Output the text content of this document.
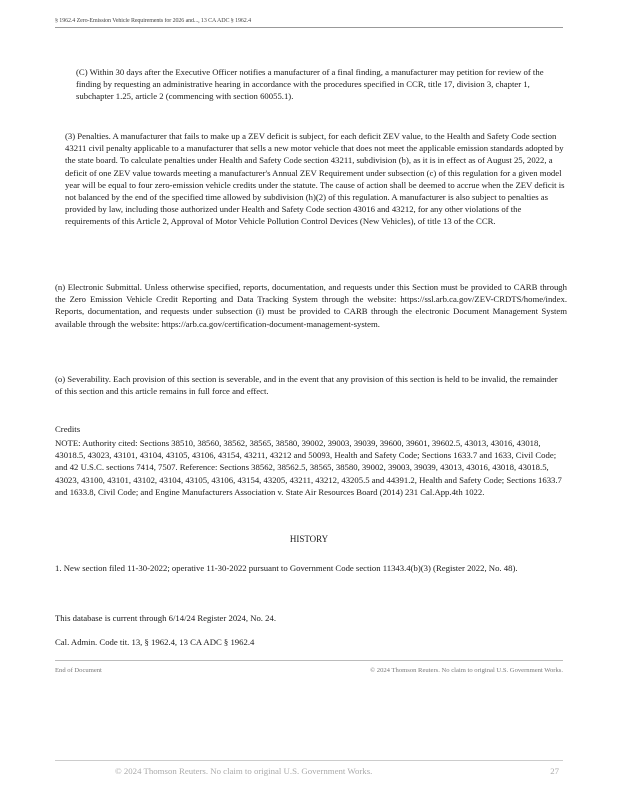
§ 1962.4 Zero-Emission Vehicle Requirements for 2026 and..., 13 CA ADC § 1962.4
(C) Within 30 days after the Executive Officer notifies a manufacturer of a final finding, a manufacturer may petition for review of the finding by requesting an administrative hearing in accordance with the procedures specified in CCR, title 17, division 3, chapter 1, subchapter 1.25, article 2 (commencing with section 60055.1).
(3) Penalties. A manufacturer that fails to make up a ZEV deficit is subject, for each deficit ZEV value, to the Health and Safety Code section 43211 civil penalty applicable to a manufacturer that sells a new motor vehicle that does not meet the applicable emission standards adopted by the state board. To calculate penalties under Health and Safety Code section 43211, subdivision (b), as it is in effect as of August 25, 2022, a deficit of one ZEV value towards meeting a manufacturer's Annual ZEV Requirement under subsection (c) of this regulation for a given model year will be equal to four zero-emission vehicle credits under the statute. The cause of action shall be deemed to accrue when the ZEV deficit is not balanced by the end of the specified time allowed by subdivision (h)(2) of this regulation. A manufacturer is also subject to penalties as provided by law, including those authorized under Health and Safety Code section 43016 and 43212, for any other violations of the requirements of this Article 2, Approval of Motor Vehicle Pollution Control Devices (New Vehicles), of title 13 of the CCR.
(n) Electronic Submittal. Unless otherwise specified, reports, documentation, and requests under this Section must be provided to CARB through the Zero Emission Vehicle Credit Reporting and Data Tracking System through the website: https://ssl.arb.ca.gov/ZEV-CRDTS/home/index. Reports, documentation, and requests under subsection (i) must be provided to CARB through the electronic Document Management System available through the website: https://arb.ca.gov/certification-document-management-system.
(o) Severability. Each provision of this section is severable, and in the event that any provision of this section is held to be invalid, the remainder of this section and this article remains in full force and effect.
Credits
NOTE: Authority cited: Sections 38510, 38560, 38562, 38565, 38580, 39002, 39003, 39039, 39600, 39601, 39602.5, 43013, 43016, 43018, 43018.5, 43023, 43101, 43104, 43105, 43106, 43154, 43211, 43212 and 50093, Health and Safety Code; Sections 1633.7 and 1633, Civil Code; and 42 U.S.C. sections 7414, 7507. Reference: Sections 38562, 38562.5, 38565, 38580, 39002, 39003, 39039, 43013, 43016, 43018, 43018.5, 43023, 43100, 43101, 43102, 43104, 43105, 43106, 43154, 43205, 43211, 43212, 43205.5 and 44391.2, Health and Safety Code; Sections 1633.7 and 1633.8, Civil Code; and Engine Manufacturers Association v. State Air Resources Board (2014) 231 Cal.App.4th 1022.
HISTORY
1. New section filed 11-30-2022; operative 11-30-2022 pursuant to Government Code section 11343.4(b)(3) (Register 2022, No. 48).
This database is current through 6/14/24 Register 2024, No. 24.
Cal. Admin. Code tit. 13, § 1962.4, 13 CA ADC § 1962.4
End of Document	© 2024 Thomson Reuters. No claim to original U.S. Government Works.
© 2024 Thomson Reuters. No claim to original U.S. Government Works.	27
